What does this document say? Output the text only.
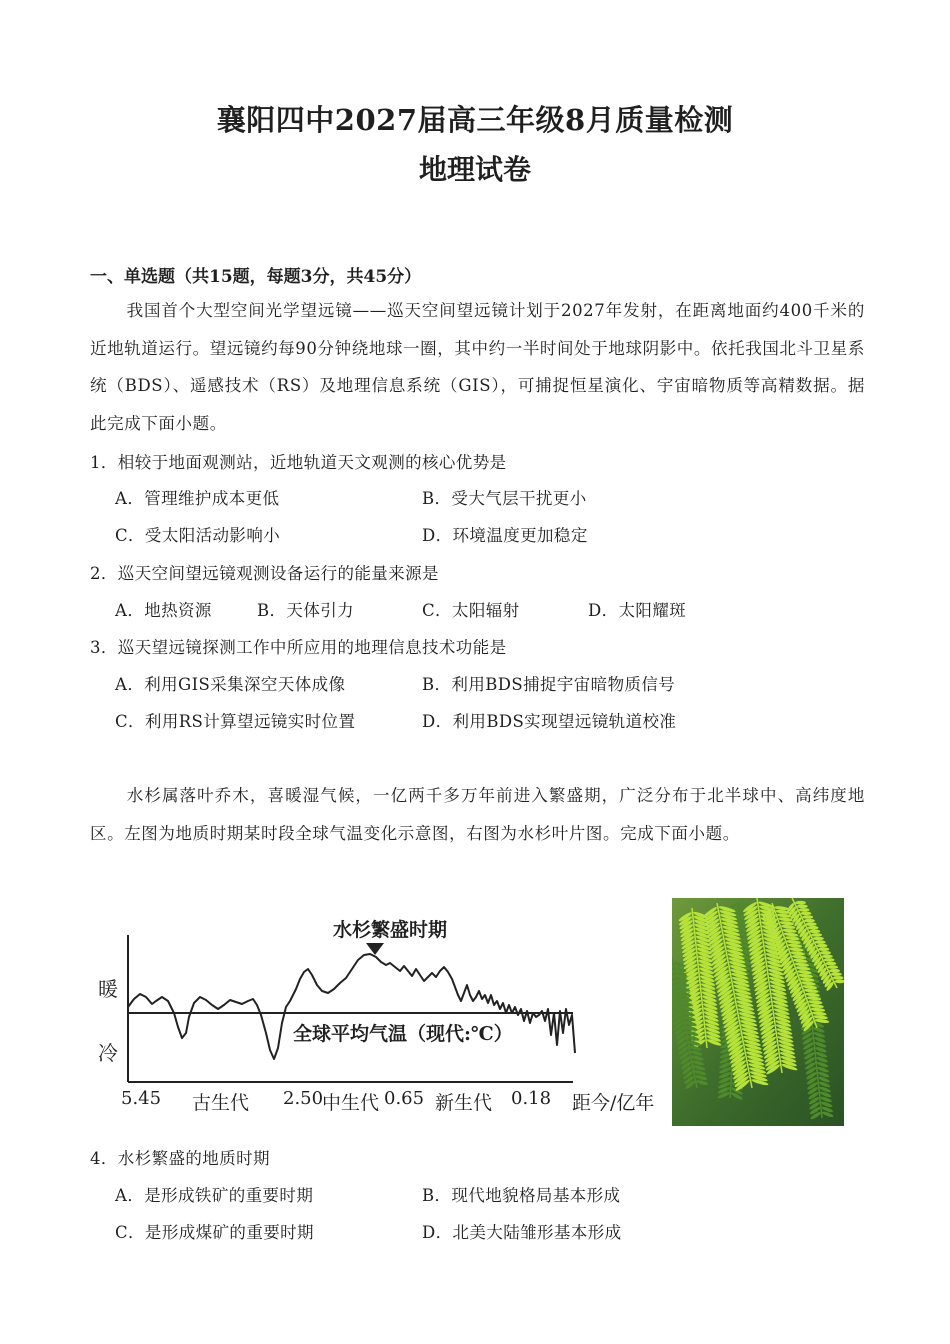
襄阳四中2027届高三年级8月质量检测
地理试卷
一、单选题（共15题，每题3分，共45分）
我国首个大型空间光学望远镜——巡天空间望远镜计划于2027年发射，在距离地面约400千米的近地轨道运行。望远镜约每90分钟绕地球一圈，其中约一半时间处于地球阴影中。依托我国北斗卫星系统（BDS）、遥感技术（RS）及地理信息系统（GIS），可捕捉恒星演化、宇宙暗物质等高精数据。据此完成下面小题。
1．相较于地面观测站，近地轨道天文观测的核心优势是
A．管理维护成本更低	B．受大气层干扰更小
C．受太阳活动影响小	D．环境温度更加稳定
2．巡天空间望远镜观测设备运行的能量来源是
A．地热资源	B．天体引力	C．太阳辐射	D．太阳耀斑
3．巡天望远镜探测工作中所应用的地理信息技术功能是
A．利用GIS采集深空天体成像	B．利用BDS捕捉宇宙暗物质信号
C．利用RS计算望远镜实时位置	D．利用BDS实现望远镜轨道校准
水杉属落叶乔木，喜暖湿气候，一亿两千多万年前进入繁盛期，广泛分布于北半球中、高纬度地区。左图为地质时期某时段全球气温变化示意图，右图为水杉叶片图。完成下面小题。
水杉繁盛时期
暖
冷
全球平均气温（现代:℃）
5.45 古生代 2.50
中生代 0.65 新生代 0.18 距今/亿年
4．水杉繁盛的地质时期
A．是形成铁矿的重要时期	B．现代地貌格局基本形成
C．是形成煤矿的重要时期	D．北美大陆雏形基本形成
